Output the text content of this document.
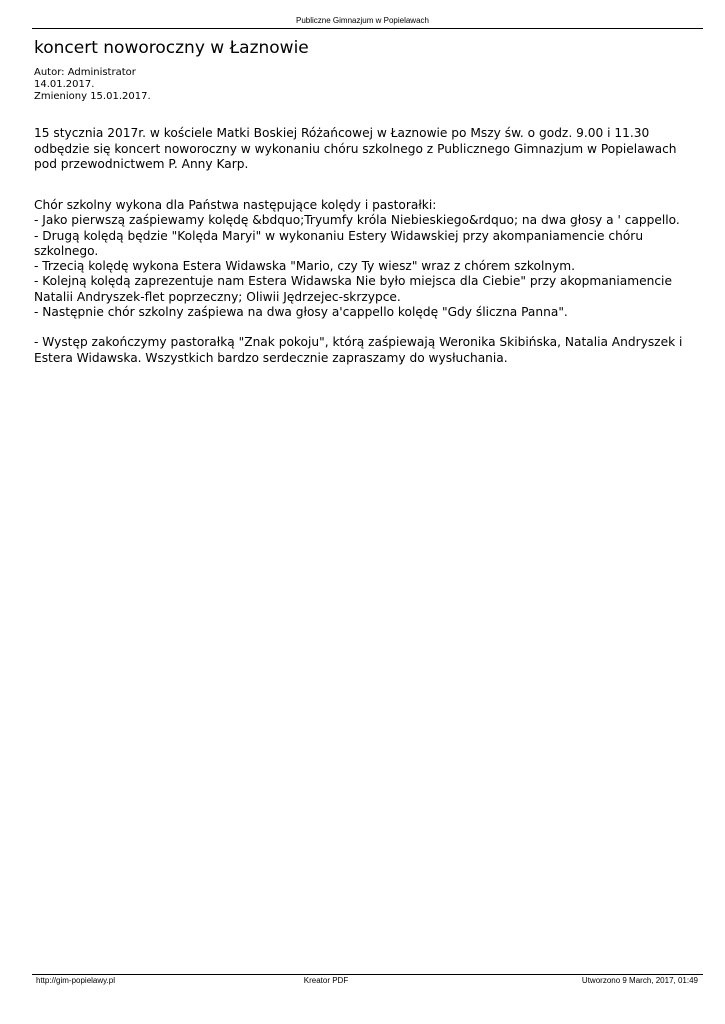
Publiczne Gimnazjum w Popielawach
koncert noworoczny w Łaznowie
Autor: Administrator
14.01.2017.
Zmieniony 15.01.2017.

15 stycznia 2017r. w kościele Matki Boskiej Różańcowej w Łaznowie po Mszy św. o godz. 9.00 i 11.30 odbędzie się koncert noworoczny w wykonaniu chóru szkolnego z Publicznego Gimnazjum w Popielawach pod przewodnictwem P. Anny Karp.

Chór szkolny wykona dla Państwa następujące kolędy i pastorałki:

- Jako pierwszą zaśpiewamy kolędę &bdquo;Tryumfy króla Niebieskiego&rdquo; na dwa głosy a ' cappello.

- Drugą kolędą będzie "Kolęda Maryi" w wykonaniu Estery Widawskiej przy akompaniamencie chóru szkolnego.

- Trzecią kolędę wykona Estera Widawska "Mario, czy Ty wiesz" wraz z chórem szkolnym.

- Kolejną kolędą zaprezentuje nam Estera Widawska Nie było miejsca dla Ciebie" przy akopmaniamencie Natalii Andryszek-flet poprzeczny; Oliwii Jędrzejec-skrzypce.

- Następnie chór szkolny zaśpiewa na dwa głosy a'cappello kolędę "Gdy śliczna Panna".

- Występ zakończymy pastorałką "Znak pokoju", którą zaśpiewają Weronika Skibińska, Natalia Andryszek i Estera Widawska. Wszystkich bardzo serdecznie zapraszamy do wysłuchania.

http://gim-popielawy.pl	Kreator PDF	Utworzono 9 March, 2017, 01:49
